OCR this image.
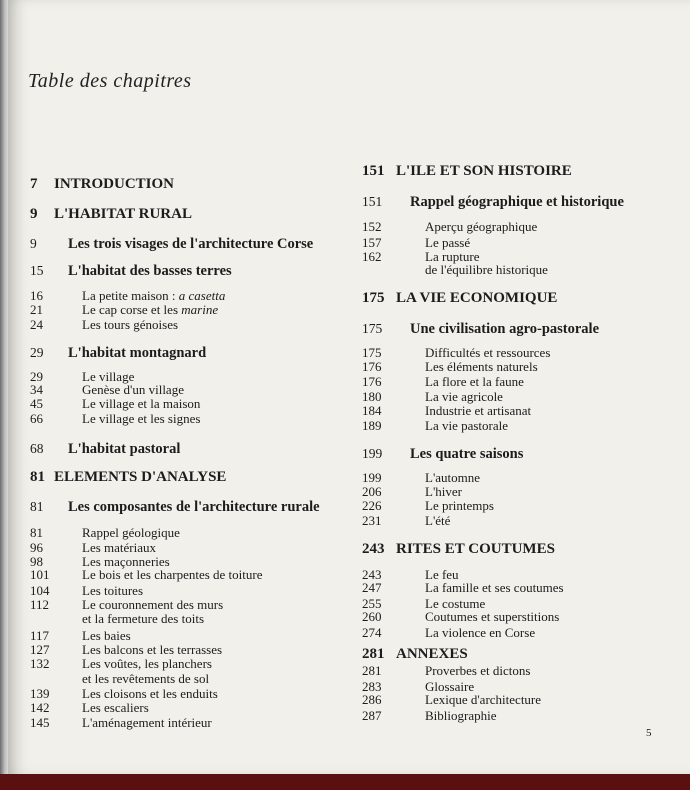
Table des chapitres
7 INTRODUCTION
9 L'HABITAT RURAL
9 Les trois visages de l'architecture Corse
15 L'habitat des basses terres
16	La petite maison : a casetta
21	Le cap corse et les marine
24	Les tours génoises
29 L'habitat montagnard
29	Le village
34	Genèse d'un village
45	Le village et la maison
66	Le village et les signes
68 L'habitat pastoral
81 ELEMENTS D'ANALYSE
81 Les composantes de l'architecture rurale
81	Rappel géologique
96	Les matériaux
98	Les maçonneries
101	Le bois et les charpentes de toiture
104	Les toitures
112	Le couronnement des murs
et la fermeture des toits
117	Les baies
127	Les balcons et les terrasses
132	Les voûtes, les planchers
et les revêtements de sol
139	Les cloisons et les enduits
142	Les escaliers
145	L'aménagement intérieur
151 L'ILE ET SON HISTOIRE
151 Rappel géographique et historique
152	Aperçu géographique
157	Le passé
162	La rupture
de l'équilibre historique
175 LA VIE ECONOMIQUE
175 Une civilisation agro-pastorale
175	Difficultés et ressources
176	Les éléments naturels
176	La flore et la faune
180	La vie agricole
184	Industrie et artisanat
189	La vie pastorale
199 Les quatre saisons
199	L'automne
206	L'hiver
226	Le printemps
231	L'été
243 RITES ET COUTUMES
243	Le feu
247	La famille et ses coutumes
255	Le costume
260	Coutumes et superstitions
274	La violence en Corse
281 ANNEXES
281	Proverbes et dictons
283	Glossaire
286	Lexique d'architecture
287	Bibliographie
5
